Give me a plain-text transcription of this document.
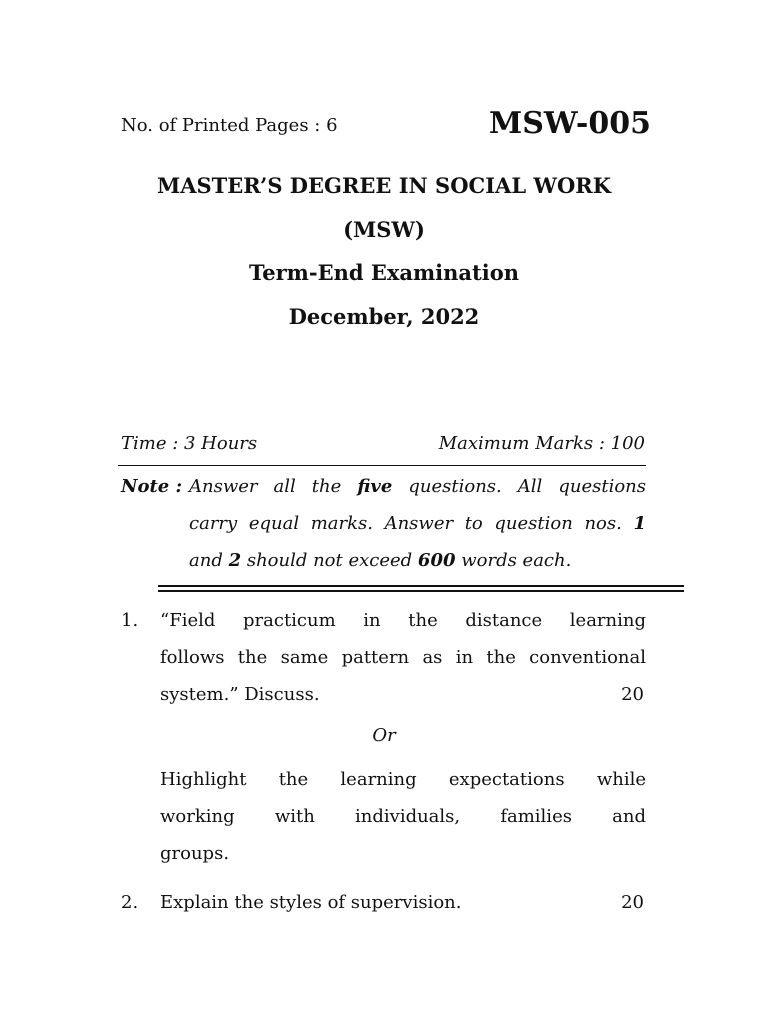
No. of Printed Pages : 6	MSW-005
MASTER’S DEGREE IN SOCIAL WORK
(MSW)
Term-End Examination
December, 2022
Time : 3 Hours	Maximum Marks : 100
Note : Answer all the five questions. All questions
carry equal marks. Answer to question nos. 1
and 2 should not exceed 600 words each.
1. “Field practicum in the distance learning
follows the same pattern as in the conventional
system.” Discuss.	20
Or
Highlight the learning expectations while
working with individuals, families and
groups.
2. Explain the styles of supervision.	20
